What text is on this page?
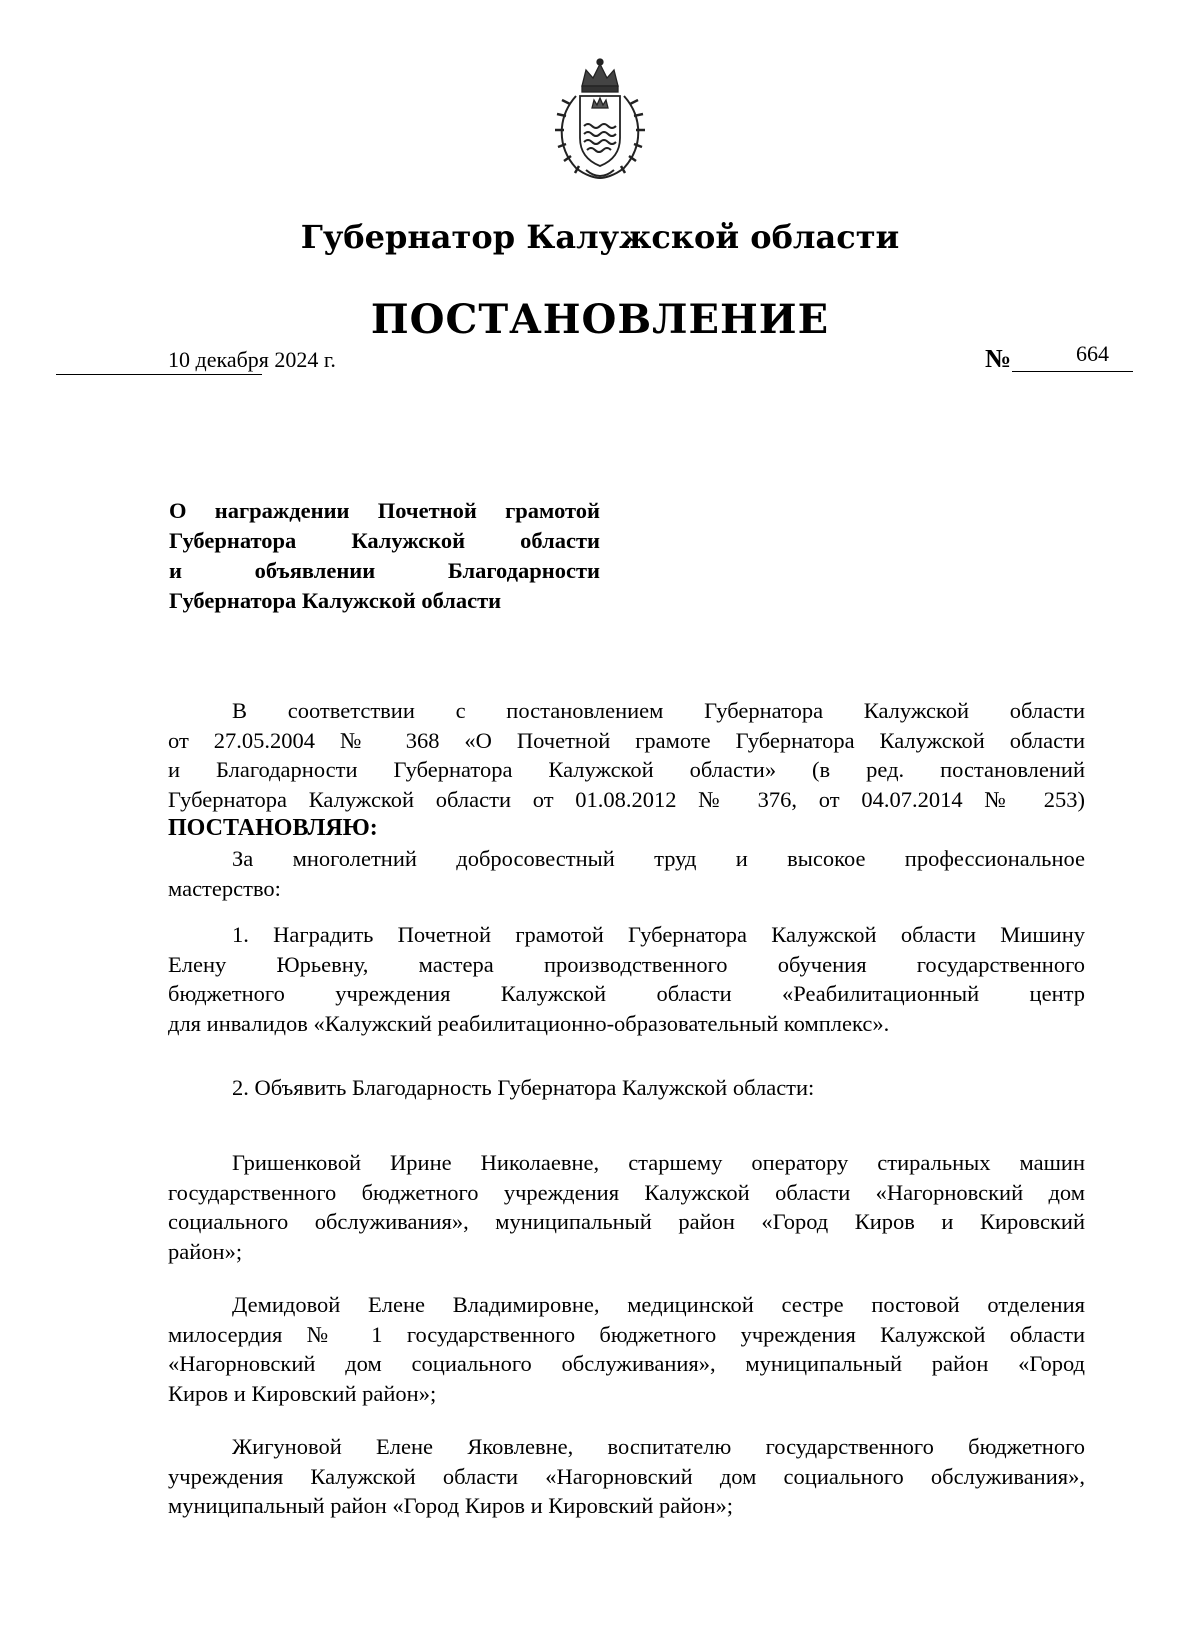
Губернатор Калужской области
ПОСТАНОВЛЕНИЕ
10 декабря 2024 г.	№	664
О награждении Почетной грамотой
Губернатора Калужской области
и объявлении Благодарности
Губернатора Калужской области
В соответствии с постановлением Губернатора Калужской области
от 27.05.2004 № 368 «О Почетной грамоте Губернатора Калужской области
и Благодарности Губернатора Калужской области» (в ред. постановлений
Губернатора Калужской области от 01.08.2012 № 376, от 04.07.2014 № 253)
ПОСТАНОВЛЯЮ:
За многолетний добросовестный труд и высокое профессиональное
мастерство:
1. Наградить Почетной грамотой Губернатора Калужской области Мишину
Елену Юрьевну, мастера производственного обучения государственного
бюджетного учреждения Калужской области «Реабилитационный центр
для инвалидов «Калужский реабилитационно-образовательный комплекс».
2. Объявить Благодарность Губернатора Калужской области:
Гришенковой Ирине Николаевне, старшему оператору стиральных машин
государственного бюджетного учреждения Калужской области «Нагорновский дом
социального обслуживания», муниципальный район «Город Киров и Кировский
район»;
Демидовой Елене Владимировне, медицинской сестре постовой отделения
милосердия № 1 государственного бюджетного учреждения Калужской области
«Нагорновский дом социального обслуживания», муниципальный район «Город
Киров и Кировский район»;
Жигуновой Елене Яковлевне, воспитателю государственного бюджетного
учреждения Калужской области «Нагорновский дом социального обслуживания»,
муниципальный район «Город Киров и Кировский район»;
